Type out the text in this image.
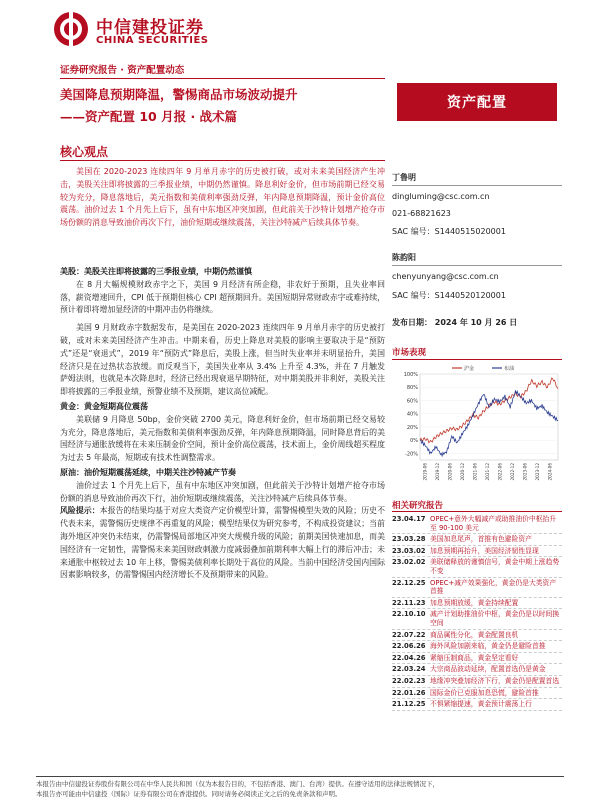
中信建投证券
CHINA SECURITIES
证券研究报告 · 资产配置动态
美国降息预期降温，警惕商品市场波动提升
——资产配置 10 月报 · 战术篇
资产配置
核心观点
美国在 2020-2023 连续四年 9 月单月赤字的历史被打破，或对未来美国经济产生冲击，美股关注即将披露的三季报业绩，中期仍然谨慎。降息利好金价，但市场前期已经交易较为充分，降息落地后，美元指数和美债利率强劲反弹，年内降息预期降温，预计金价高位震荡。油价过去 1 个月先上后下，虽有中东地区冲突加剧，但此前关于沙特计划增产抢夺市场份额的消息导致油价再次下行，油价短期或继续震荡，关注沙特减产后续具体节奏。
美股：美股关注即将披露的三季报业绩，中期仍然谨慎

在 8 月大幅规模财政赤字之下，美国 9 月经济有所企稳，非农好于预期，且失业率回落，薪资增速回升，CPI 低于预期但核心 CPI 超预期回升。美国短期异常财政赤字或难持续，预计着即将增加显经济的中期冲击仍将继续。

美国 9 月财政赤字数据发布，是美国在 2020-2023 连续四年 9 月单月赤字的历史被打破，或对未来美国经济产生冲击。中期来看，历史上降息对美股的影响主要取决于是“预防式”还是“衰退式”，2019 年“预防式”降息后，美股上涨，但当时失业率并未明显抬升，美国经济只是在过热状态放缓。而反观当下，美国失业率从 3.4% 上升至 4.3%，并在 7 月触发萨姆法则，也就是本次降息时，经济已经出现衰退早期特征，对中期美股并非利好，美股关注即将披露的三季报业绩，预警业绩不及预期，建议高位减配。

黄金：黄金短期高位震荡

美联储 9 月降息 50bp，金价突破 2700 美元，降息利好金价，但市场前期已经交易较为充分，降息落地后，美元指数和美债利率强劲反弹，年内降息预期降温，同时降息背后的美国经济与通胀放缓将在未来压制金价空间，预计金价高位震荡，技术面上，金价周线超买程度为过去 5 年最高，短期或有技术性调整需求。

原油：油价短期震荡延续，中期关注沙特减产节奏

油价过去 1 个月先上后下，虽有中东地区冲突加剧，但此前关于沙特计划增产抢夺市场份额的消息导致油价再次下行，油价短期或继续震荡，关注沙特减产后续具体节奏。

风险提示：本报告的结果均基于对应大类资产定价模型计算，需警惕模型失效的风险；历史不代表未来，需警惕历史规律不再重复的风险；模型结果仅为研究参考，不构成投资建议；当前海外地区冲突仍未结束，仍需警惕局部地区冲突大规模升级的风险；前期美国快速加息，而美国经济有一定韧性，需警惕未来美国财政刺激力度减弱叠加前期利率大幅上行的滞后冲击；未来通胀中枢较过去 10 年上移，警惕美债利率长期处于高位的风险。当前中国经济受国内国际因素影响较多，仍需警惕国内经济增长不及预期带来的风险。

丁鲁明
dingluming@csc.com.cn
021-68821623
SAC 编号：S1440515020001
陈韵阳
chenyunyang@csc.com.cn
SAC 编号：S1440520120001
发布日期： 2024 年 10 月 26 日
市场表现
100%
80%
60%
40%
20%
0%
-20%
2019-06 2019-12 2020-06 2020-12 2021-06 2021-12 2022-06 2022-12 2023-06 2023-12 2024-06
沪金	布油
相关研究报告
23.04.17 OPEC+意外大幅减产或助推油价中枢抬升至 90-100 美元
23.03.28 美国加息尾声，首推有色避险资产
23.03.02 加息预期再抬升，美国经济韧性显现
23.02.02 美联储释放的谨慎信号，黄金中期上涨趋势不变
22.12.25 OPEC+减产效果强化，黄金仍是大类资产首推
22.11.23 加息预期放缓，黄金持续配置
22.10.10 减产计划助推油价中枢，黄金仍是以时间换空间
22.07.22 商品属性分化，黄金配置良机
22.06.26 海外风险加剧来临，黄金仍是避险首推
22.04.26 紧缩压制商品，黄金坚定看好
22.03.24 大宗商品波动延续，配置首选仍是黄金
22.02.23 地缘冲突叠加经济下行，黄金仍是配置首选
22.01.26 国际金价已克服加息恐慌，避险首推
21.12.25 不惧紧缩提速，黄金预计震荡上行
本报告由中信建投证券股份有限公司在中华人民共和国（仅为本报告目的，不包括香港、澳门、台湾）提供。在遵守适用的法律法规情况下，
本报告亦可能由中信建投（国际）证券有限公司在香港提供。同时请务必阅读正文之后的免责条款和声明。
